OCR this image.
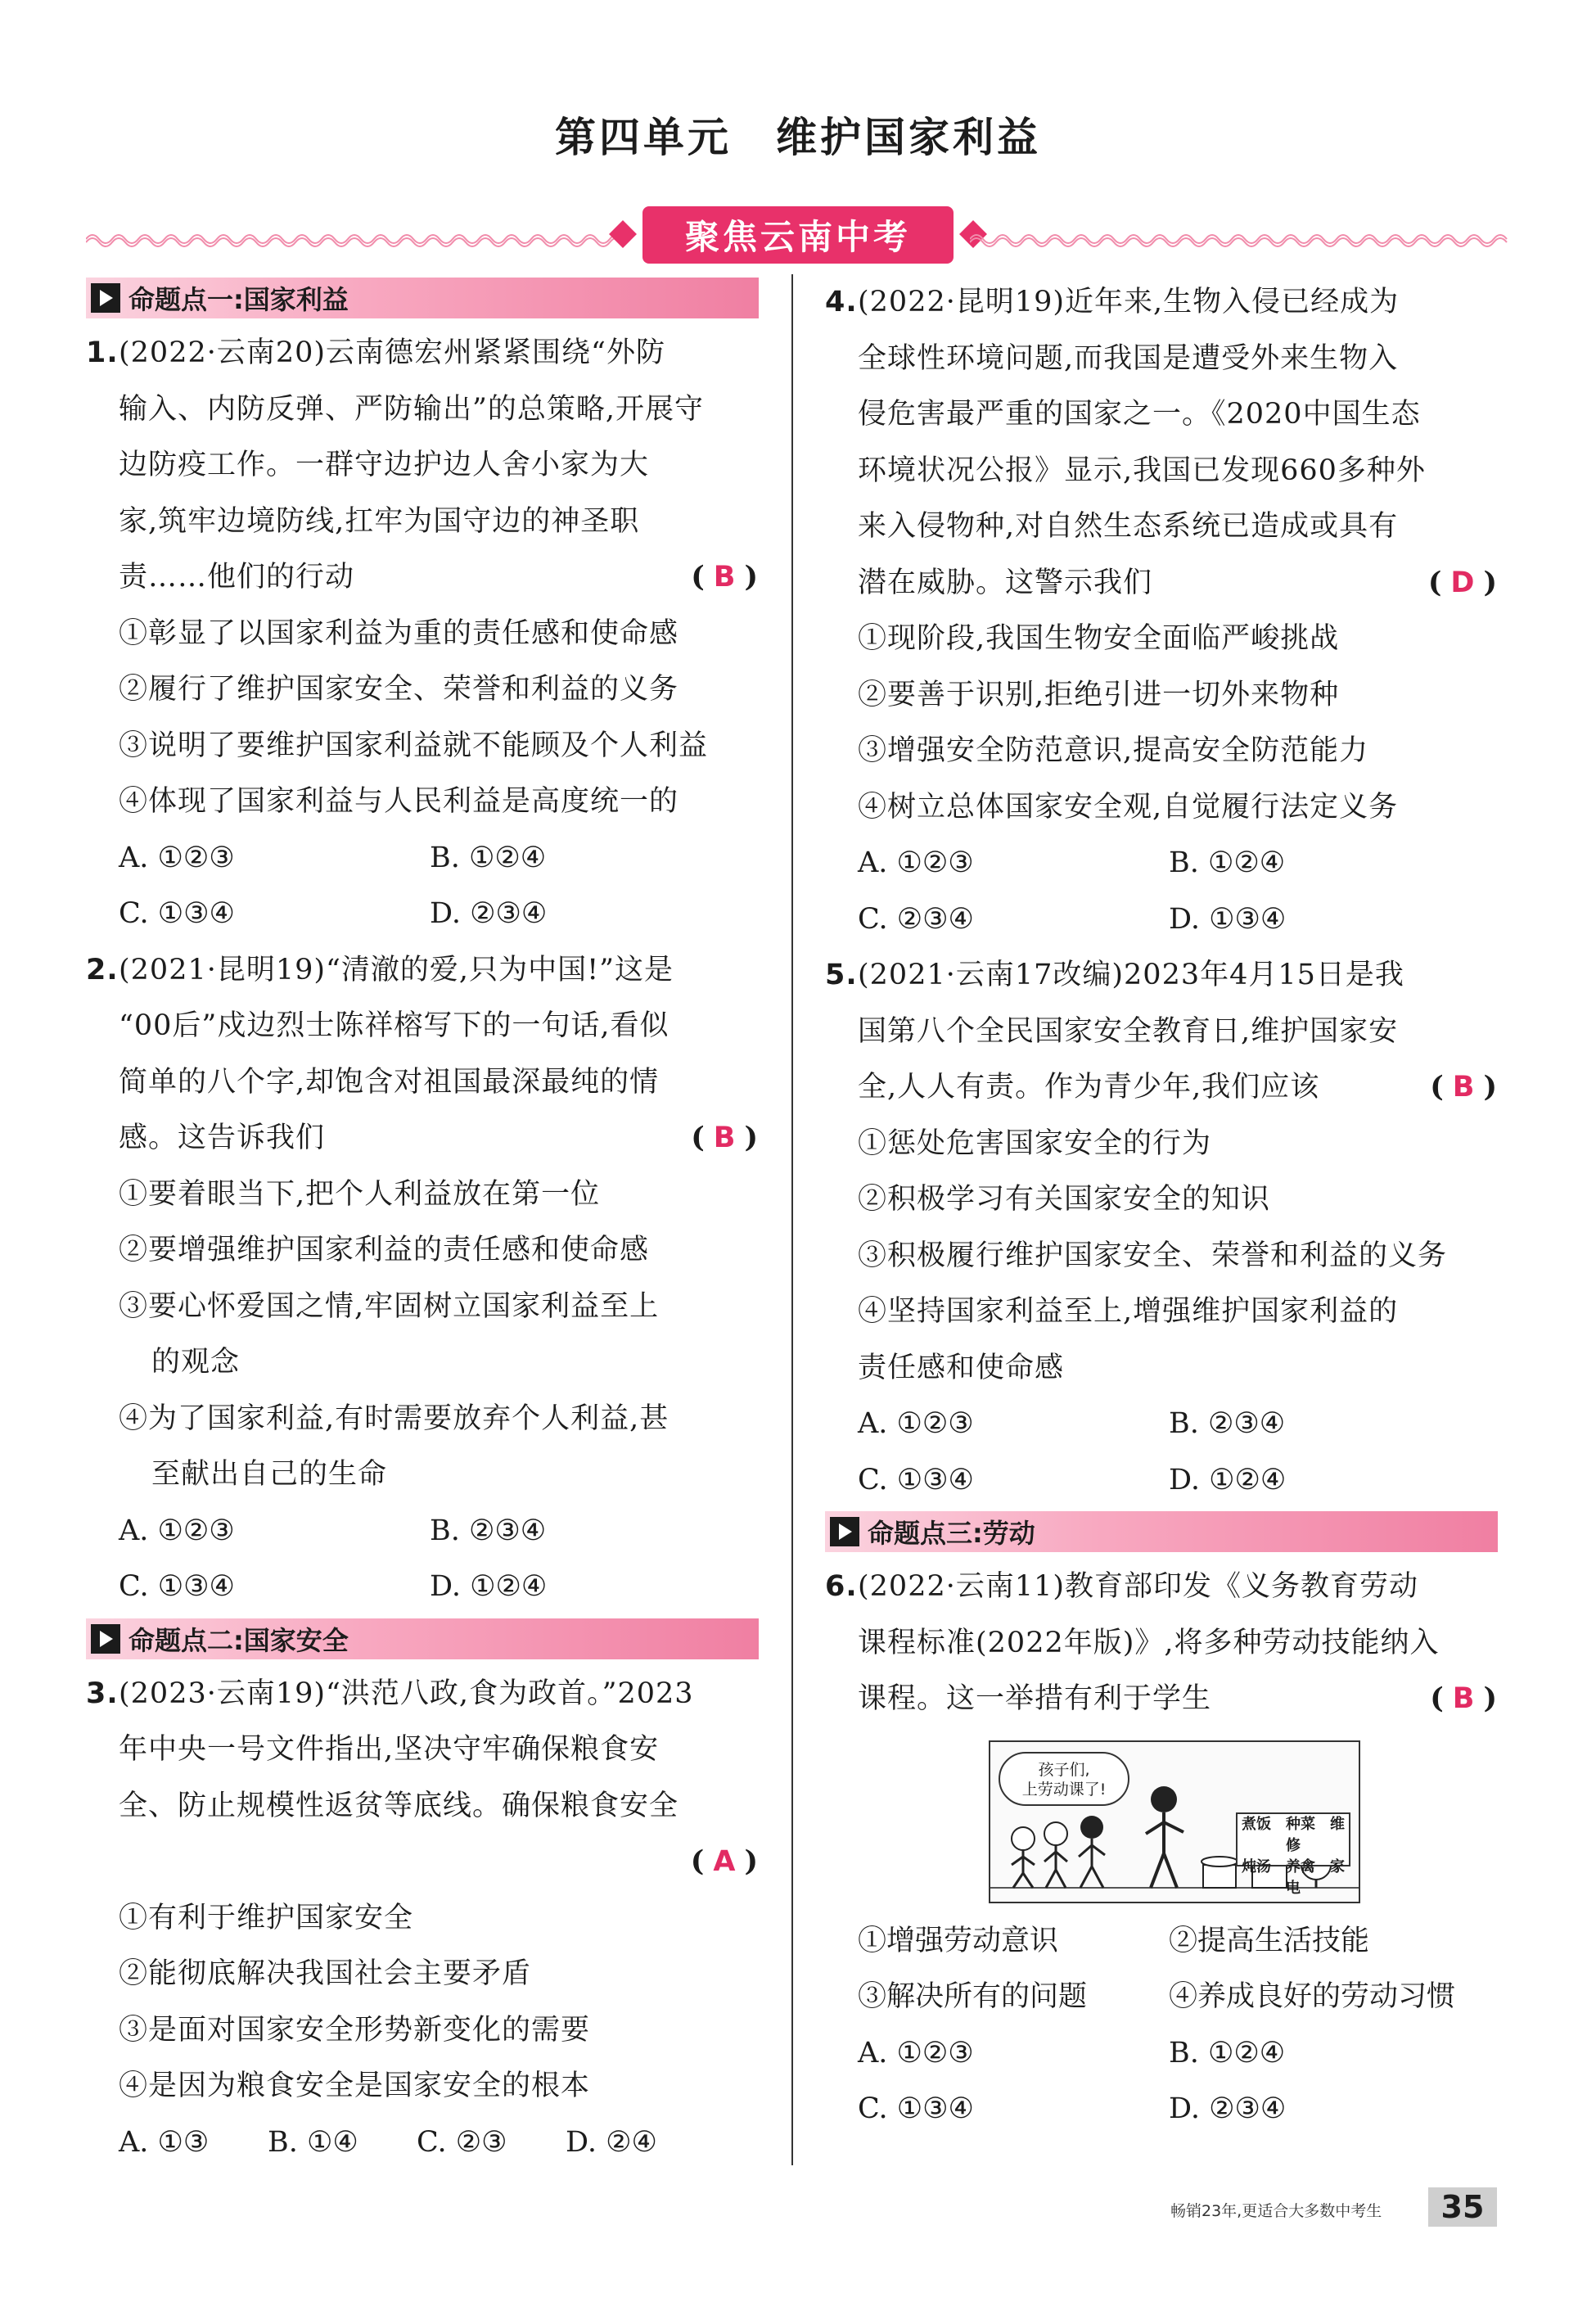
第四单元　维护国家利益
聚焦云南中考
命题点一:国家利益
1. (2022·云南20)云南德宏州紧紧围绕“外防
输入、内防反弹、严防输出”的总策略,开展守
边防疫工作。一群守边护边人舍小家为大
家,筑牢边境防线,扛牢为国守边的神圣职
责……他们的行动	( B )
①彰显了以国家利益为重的责任感和使命感
②履行了维护国家安全、荣誉和利益的义务
③说明了要维护国家利益就不能顾及个人利益
④体现了国家利益与人民利益是高度统一的
A. ①②③	B. ①②④
C. ①③④	D. ②③④
2. (2021·昆明19)“清澈的爱,只为中国!”这是
“00后”戍边烈士陈祥榕写下的一句话,看似
简单的八个字,却饱含对祖国最深最纯的情
感。这告诉我们	( B )
①要着眼当下,把个人利益放在第一位
②要增强维护国家利益的责任感和使命感
③要心怀爱国之情,牢固树立国家利益至上
的观念
④为了国家利益,有时需要放弃个人利益,甚
至献出自己的生命
A. ①②③	B. ②③④
C. ①③④	D. ①②④
命题点二:国家安全
3. (2023·云南19)“洪范八政,食为政首。”2023
年中央一号文件指出,坚决守牢确保粮食安
全、防止规模性返贫等底线。确保粮食安全
( A )
①有利于维护国家安全
②能彻底解决我国社会主要矛盾
③是面对国家安全形势新变化的需要
④是因为粮食安全是国家安全的根本
A. ①③	B. ①④	C. ②③	D. ②④
4. (2022·昆明19)近年来,生物入侵已经成为
全球性环境问题,而我国是遭受外来生物入
侵危害最严重的国家之一。《2020中国生态
环境状况公报》显示,我国已发现660多种外
来入侵物种,对自然生态系统已造成或具有
潜在威胁。这警示我们	( D )
①现阶段,我国生物安全面临严峻挑战
②要善于识别,拒绝引进一切外来物种
③增强安全防范意识,提高安全防范能力
④树立总体国家安全观,自觉履行法定义务
A. ①②③	B. ①②④
C. ②③④	D. ①③④
5. (2021·云南17改编)2023年4月15日是我
国第八个全民国家安全教育日,维护国家安
全,人人有责。作为青少年,我们应该	( B )
①惩处危害国家安全的行为
②积极学习有关国家安全的知识
③积极履行维护国家安全、荣誉和利益的义务
④坚持国家利益至上,增强维护国家利益的
责任感和使命感
A. ①②③	B. ②③④
C. ①③④	D. ①②④
命题点三:劳动
6. (2022·云南11)教育部印发《义务教育劳动
课程标准(2022年版)》,将多种劳动技能纳入
课程。这一举措有利于学生	( B )
孩子们,
上劳动课了!
煮饭　种菜　维修
炖汤　养禽　家电
①增强劳动意识	②提高生活技能
③解决所有的问题	④养成良好的劳动习惯
A. ①②③	B. ①②④
C. ①③④	D. ②③④
畅销23年,更适合大多数中考生	35
